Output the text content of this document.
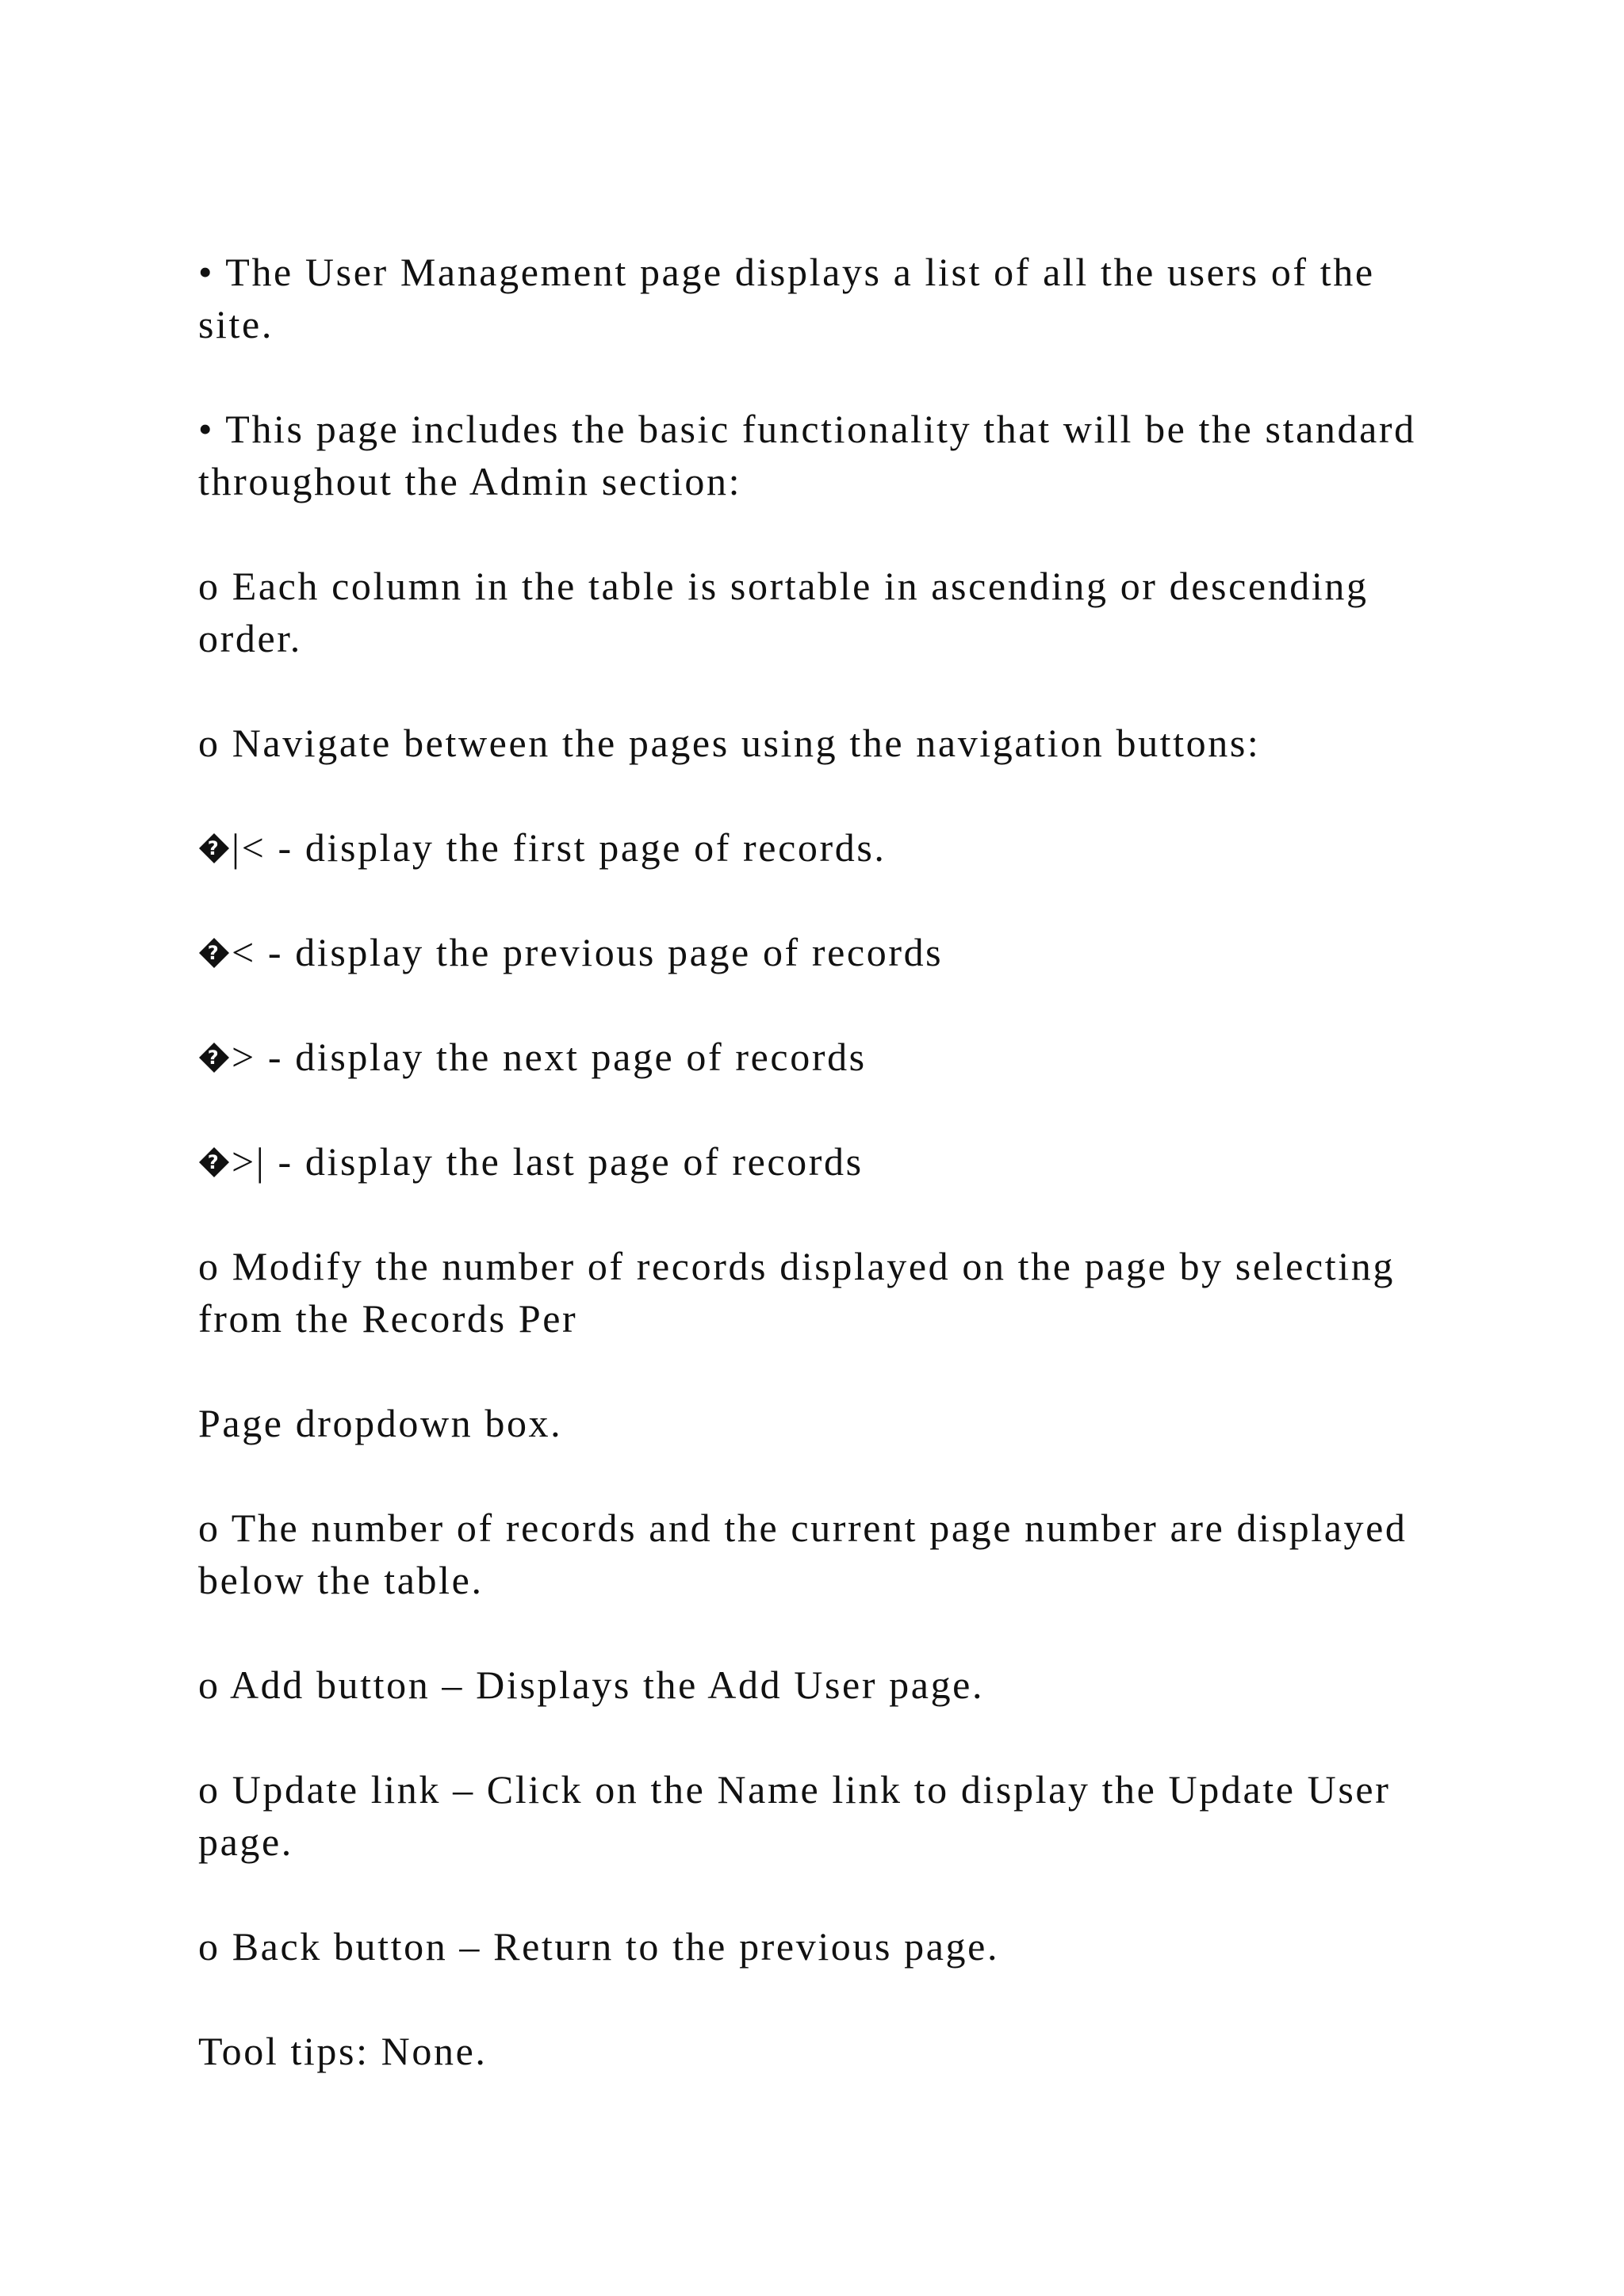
• The User Management page displays a list of all the users of the site.

• This page includes the basic functionality that will be the standard throughout the Admin section:

o Each column in the table is sortable in ascending or descending order.

o Navigate between the pages using the navigation buttons:

? |< - display the first page of records.

? < - display the previous page of records

? > - display the next page of records

? >| - display the last page of records

o Modify the number of records displayed on the page by selecting from the Records Per

Page dropdown box.

o The number of records and the current page number are displayed below the table.

o Add button – Displays the Add User page.

o Update link – Click on the Name link to display the Update User page.

o Back button – Return to the previous page.

Tool tips: None.
